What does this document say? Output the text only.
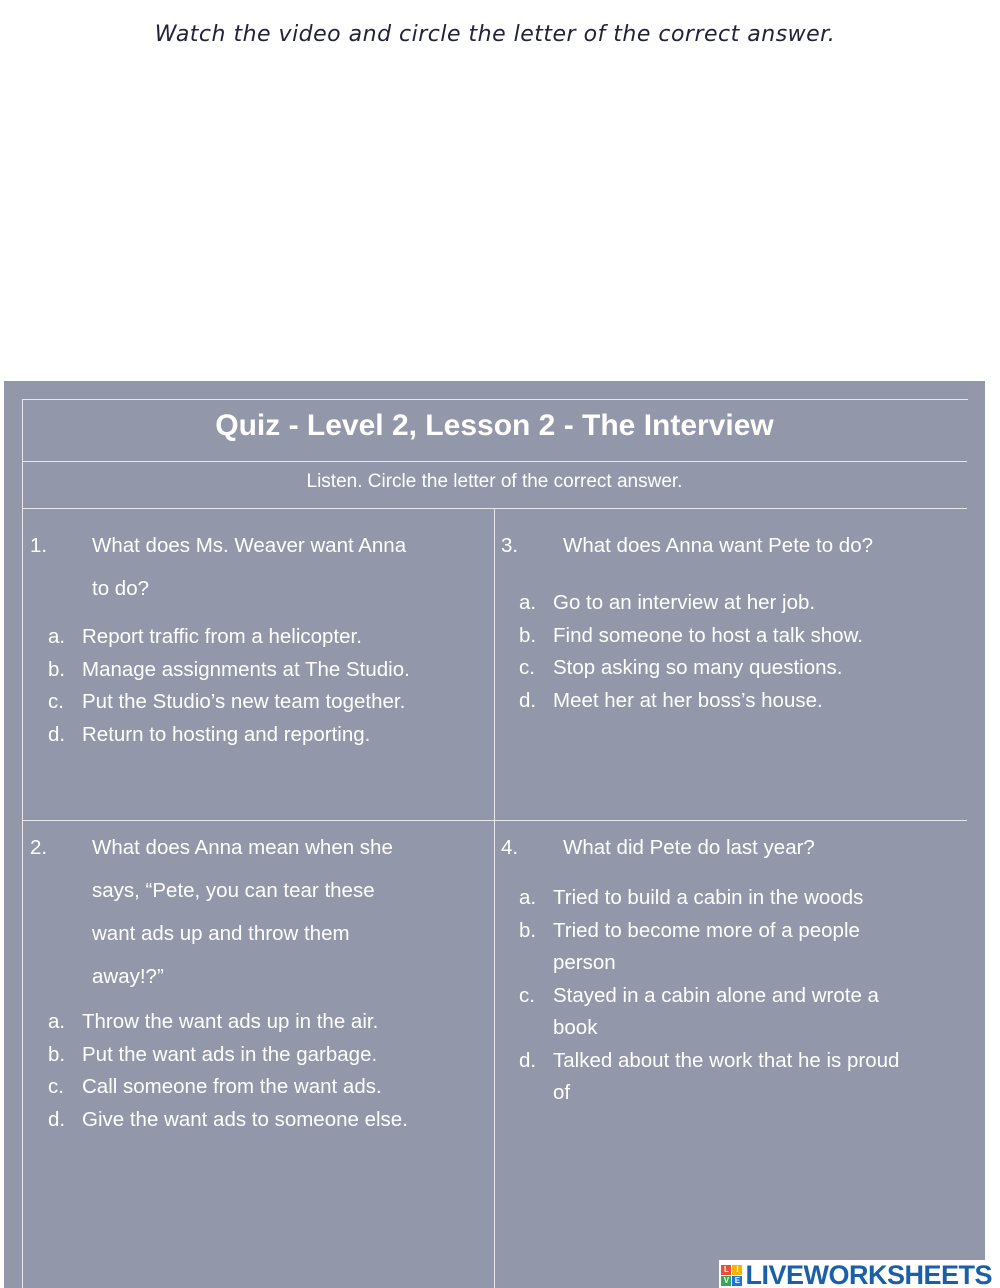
Watch the video and circle the letter of the correct answer.
Quiz - Level 2, Lesson 2 - The Interview
Listen. Circle the letter of the correct answer.
1.	What does Ms. Weaver want Anna
to do?
a. Report traffic from a helicopter.
b. Manage assignments at The Studio.
c. Put the Studio’s new team together.
d. Return to hosting and reporting.
2.	What does Anna mean when she
says, “Pete, you can tear these
want ads up and throw them
away!?”
a. Throw the want ads up in the air.
b. Put the want ads in the garbage.
c. Call someone from the want ads.
d. Give the want ads to someone else.
3.	What does Anna want Pete to do?
a. Go to an interview at her job.
b. Find someone to host a talk show.
c. Stop asking so many questions.
d. Meet her at her boss’s house.
4.	What did Pete do last year?
a. Tried to build a cabin in the woods
b. Tried to become more of a people
person
c. Stayed in a cabin alone and wrote a
book
d. Talked about the work that he is proud
of
L I
V E LIVEWORKSHEETS
